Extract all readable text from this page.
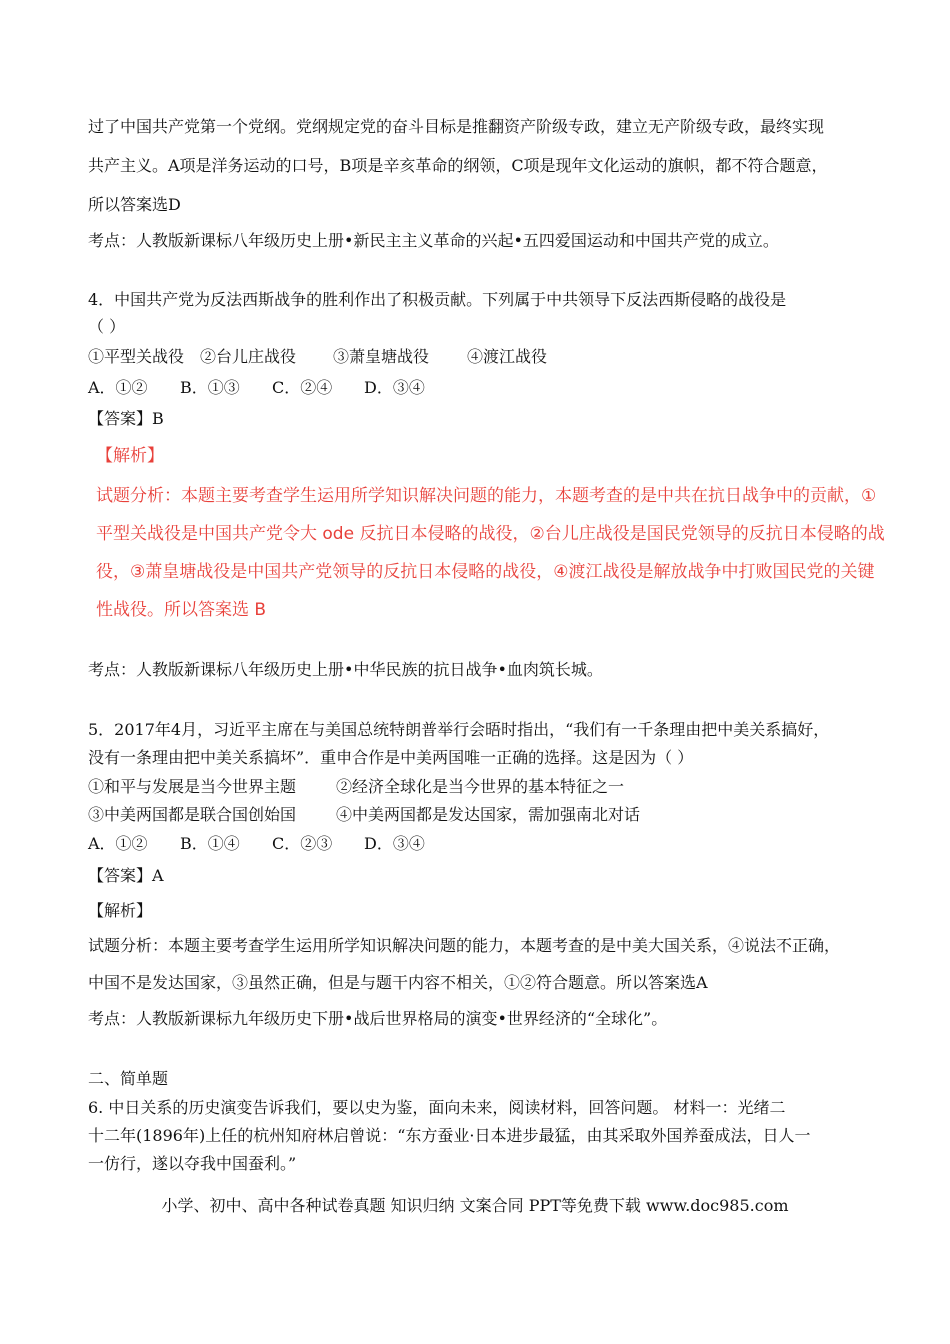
过了中国共产党第一个党纲。党纲规定党的奋斗目标是推翻资产阶级专政，建立无产阶级专政，最终实现
共产主义。A项是洋务运动的口号，B项是辛亥革命的纲领，C项是现年文化运动的旗帜，都不符合题意，
所以答案选D
考点：人教版新课标八年级历史上册•新民主主义革命的兴起•五四爱国运动和中国共产党的成立。
4．中国共产党为反法西斯战争的胜利作出了积极贡献。下列属于中共领导下反法西斯侵略的战役是
（ ）
①平型关战役 ②台儿庄战役 ③萧皇塘战役 ④渡江战役
A．①② B．①③ C．②④ D．③④
【答案】B
【解析】
试题分析：本题主要考查学生运用所学知识解决问题的能力，本题考查的是中共在抗日战争中的贡献，①
平型关战役是中国共产党令大 ode 反抗日本侵略的战役，②台儿庄战役是国民党领导的反抗日本侵略的战
役，③萧皇塘战役是中国共产党领导的反抗日本侵略的战役，④渡江战役是解放战争中打败国民党的关键
性战役。所以答案选 B
考点：人教版新课标八年级历史上册•中华民族的抗日战争•血肉筑长城。
5．2017年4月，习近平主席在与美国总统特朗普举行会晤时指出，“我们有一千条理由把中美关系搞好，
没有一条理由把中美关系搞坏”．重申合作是中美两国唯一正确的选择。这是因为（ ）
①和平与发展是当今世界主题 ②经济全球化是当今世界的基本特征之一
③中美两国都是联合国创始国 ④中美两国都是发达国家，需加强南北对话
A．①② B．①④ C．②③ D．③④
【答案】A
【解析】
试题分析：本题主要考查学生运用所学知识解决问题的能力，本题考查的是中美大国关系，④说法不正确，
中国不是发达国家，③虽然正确，但是与题干内容不相关，①②符合题意。所以答案选A
考点：人教版新课标九年级历史下册•战后世界格局的演变•世界经济的“全球化”。
二、简单题
6. 中日关系的历史演变告诉我们，要以史为鉴，面向未来，阅读材料，回答问题。 材料一：光绪二
十二年(1896年)上任的杭州知府林启曾说：“东方蚕业·日本进步最猛，由其采取外国养蚕成法，日人一
一仿行，遂以夺我中国蚕利。”
小学、初中、高中各种试卷真题 知识归纳 文案合同 PPT等免费下载 www.doc985.com
